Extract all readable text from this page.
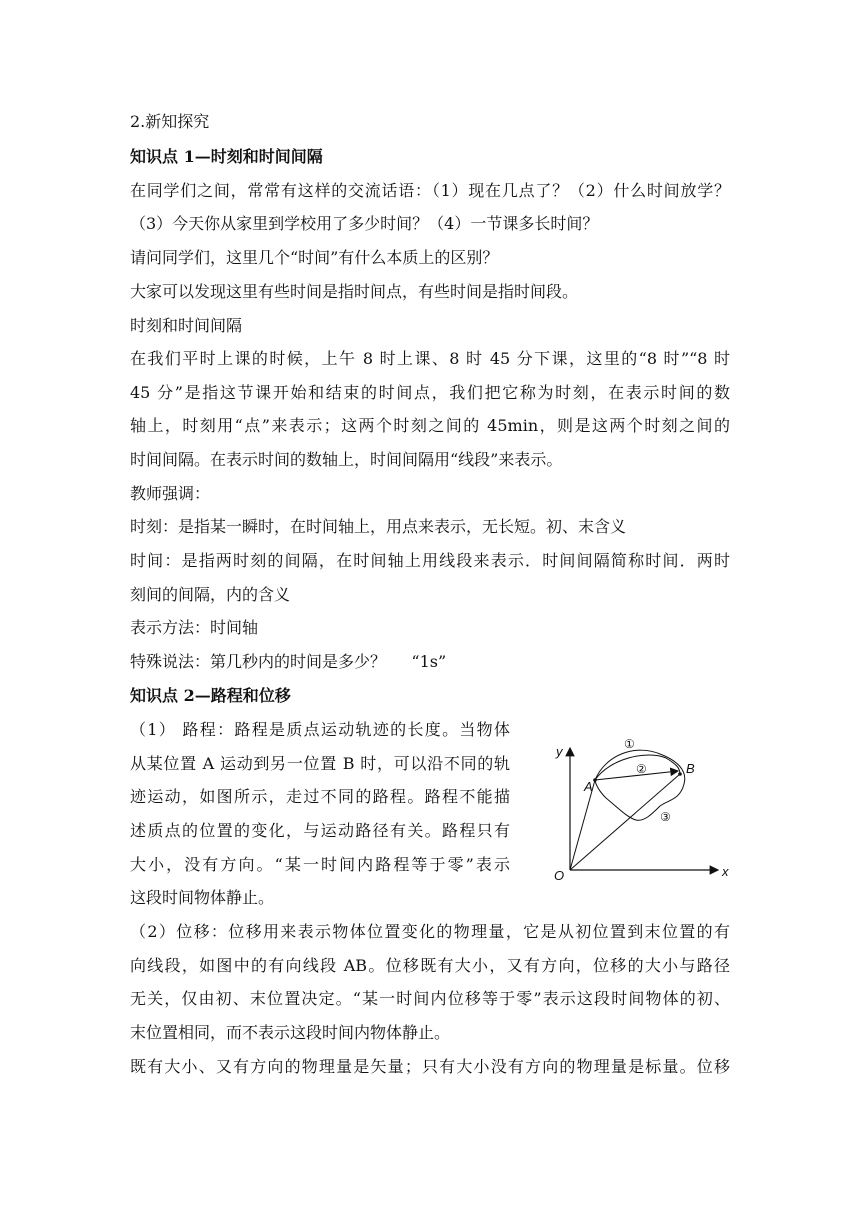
2.新知探究
知识点 1—时刻和时间间隔
在同学们之间，常常有这样的交流话语：（1）现在几点了？（2）什么时间放学？
（3）今天你从家里到学校用了多少时间？（4）一节课多长时间？
请问同学们，这里几个“时间”有什么本质上的区别？
大家可以发现这里有些时间是指时间点，有些时间是指时间段。
时刻和时间间隔
在我们平时上课的时候，上午 8 时上课、8 时 45 分下课，这里的“8 时”“8 时
45 分”是指这节课开始和结束的时间点，我们把它称为时刻，在表示时间的数
轴上，时刻用“点”来表示；这两个时刻之间的 45min，则是这两个时刻之间的
时间间隔。在表示时间的数轴上，时间间隔用“线段”来表示。
教师强调：
时刻：是指某一瞬时，在时间轴上，用点来表示，无长短。初、末含义
时间：是指两时刻的间隔，在时间轴上用线段来表示．时间间隔简称时间．两时
刻间的间隔，内的含义
表示方法：时间轴
特殊说法：第几秒内的时间是多少？     “1s”
知识点 2—路程和位移
（1） 路程：路程是质点运动轨迹的长度。当物体
从某位置 A 运动到另一位置 B 时，可以沿不同的轨
迹运动，如图所示，走过不同的路程。路程不能描
述质点的位置的变化，与运动路径有关。路程只有
大小，没有方向。“某一时间内路程等于零”表示
这段时间物体静止。
y
x
O
A
B
①
②
③
（2）位移：位移用来表示物体位置变化的物理量，它是从初位置到末位置的有
向线段，如图中的有向线段 AB。位移既有大小，又有方向，位移的大小与路径
无关，仅由初、末位置决定。“某一时间内位移等于零”表示这段时间物体的初、
末位置相同，而不表示这段时间内物体静止。
既有大小、又有方向的物理量是矢量；只有大小没有方向的物理量是标量。位移
